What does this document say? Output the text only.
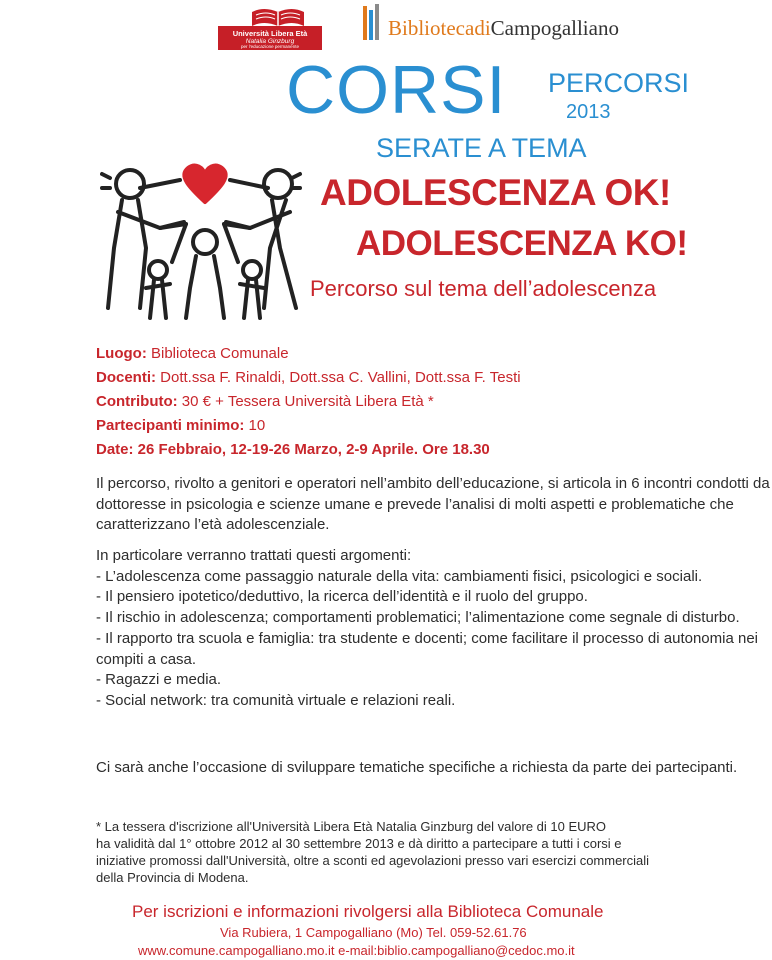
Università Libera Età
Natalia Ginzburg
per l'educazione permanente
BibliotecadiCampogalliano
CORSI PERCORSI
2013
SERATE A TEMA
ADOLESCENZA OK!
ADOLESCENZA KO!
Percorso sul tema dell’adolescenza
Luogo: Biblioteca Comunale
Docenti: Dott.ssa F. Rinaldi, Dott.ssa C. Vallini, Dott.ssa F. Testi
Contributo: 30 € + Tessera Università Libera Età *
Partecipanti minimo: 10
Date: 26 Febbraio, 12-19-26 Marzo, 2-9 Aprile. Ore 18.30

Il percorso, rivolto a genitori e operatori nell’ambito dell’educazione, si articola in 6 incontri condotti da dottoresse in psicologia e scienze umane e prevede l’analisi di molti aspetti e problematiche che caratterizzano l’età adolescenziale.

In particolare verranno trattati questi argomenti:

- L’adolescenza come passaggio naturale della vita: cambiamenti fisici, psicologici e sociali.

- Il pensiero ipotetico/deduttivo, la ricerca dell’identità e il ruolo del gruppo.

- Il rischio in adolescenza; comportamenti problematici; l’alimentazione come segnale di disturbo.

- Il rapporto tra scuola e famiglia: tra studente e docenti; come facilitare il processo di autonomia nei compiti a casa.

- Ragazzi e media.

- Social network: tra comunità virtuale e relazioni reali.

Ci sarà anche l’occasione di sviluppare tematiche specifiche a richiesta da parte dei partecipanti.

* La tessera d'iscrizione all'Università Libera Età Natalia Ginzburg del valore di 10 EURO

ha validità dal 1° ottobre 2012 al 30 settembre 2013 e dà diritto a partecipare a tutti i corsi e

iniziative promossi dall'Università, oltre a sconti ed agevolazioni presso vari esercizi commerciali

della Provincia di Modena.

Per iscrizioni e informazioni rivolgersi alla Biblioteca Comunale
Via Rubiera, 1 Campogalliano (Mo) Tel. 059-52.61.76
www.comune.campogalliano.mo.it e-mail:biblio.campogalliano@cedoc.mo.it
